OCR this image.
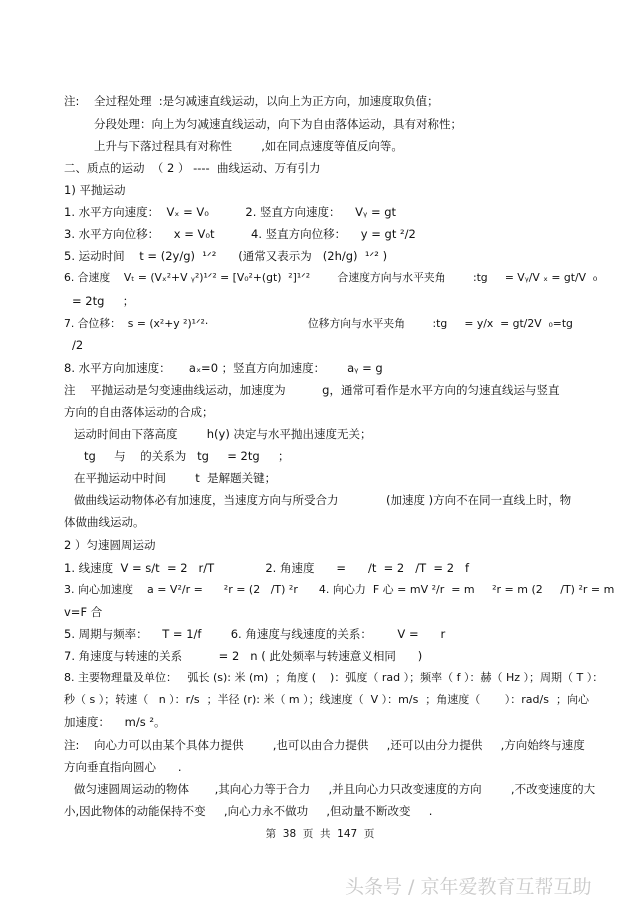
注:    全过程处理  :是匀减速直线运动，以向上为正方向，加速度取负值；
分段处理：向上为匀减速直线运动，向下为自由落体运动，具有对称性；
上升与下落过程具有对称性        ,如在同点速度等值反向等。
二、质点的运动  （ 2 ） ----  曲线运动、万有引力
1) 平抛运动
1. 水平方向速度：  Vₓ = V₀          2. 竖直方向速度：    Vᵧ = gt
3. 水平方向位移：    x = V₀t          4. 竖直方向位移：    y = gt ²/2
5. 运动时间    t = (2y/g)  ¹ᐟ²      (通常又表示为   (2h/g)  ¹ᐟ² )
6. 合速度    Vₜ = (Vₓ²+V ᵧ²)¹ᐟ² = [V₀²+(gt)  ²]¹ᐟ²        合速度方向与水平夹角        :tg     = Vᵧ/V ₓ = gt/V  ₀
= 2tg     ；
7. 合位移：  s = (x²+y ²)¹ᐟ²·                             位移方向与水平夹角        :tg     = y/x  = gt/2V  ₀=tg
/2
8. 水平方向加速度：     aₓ=0 ；竖直方向加速度：      aᵧ = g
注    平抛运动是匀变速曲线运动，加速度为          g，通常可看作是水平方向的匀速直线运与竖直
方向的自由落体运动的合成；
运动时间由下落高度        h(y) 决定与水平抛出速度无关；
tg     与    的关系为   tg     = 2tg     ；
在平抛运动中时间        t  是解题关键；
做曲线运动物体必有加速度，当速度方向与所受合力             (加速度 )方向不在同一直线上时，物
体做曲线运动。
2 ）匀速圆周运动
1. 线速度  V = s/t  = 2   r/T              2. 角速度      =      /t  = 2   /T  = 2   f
3. 向心加速度    a = V²/r =      ²r = (2   /T) ²r      4. 向心力  F 心 = mV ²/r  = m     ²r = m (2     /T) ²r = m
v=F 合
5. 周期与频率：    T = 1/f        6. 角速度与线速度的关系：       V =      r
7. 角速度与转速的关系          = 2   n ( 此处频率与转速意义相同      )
8. 主要物理量及单位：   弧长 (s): 米 (m)  ；角度 (    )：弧度（ rad ）；频率（ f ）：赫（ Hz ）；周期（ T ）：
秒（ s ）；转速（   n ）：r/s  ；半径 (r): 米（ m ）；线速度（  V ）：m/s  ；角速度（       ）：rad/s  ；向心
加速度：    m/s ²。
注:    向心力可以由某个具体力提供        ,也可以由合力提供     ,还可以由分力提供     ,方向始终与速度
方向垂直指向圆心      .
做匀速圆周运动的物体       ,其向心力等于合力     ,并且向心力只改变速度的方向        ,不改变速度的大
小,因此物体的动能保持不变     ,向心力永不做功     ,但动量不断改变     .
第  38  页  共  147  页
头条号 / 京年爱教育互帮互助
